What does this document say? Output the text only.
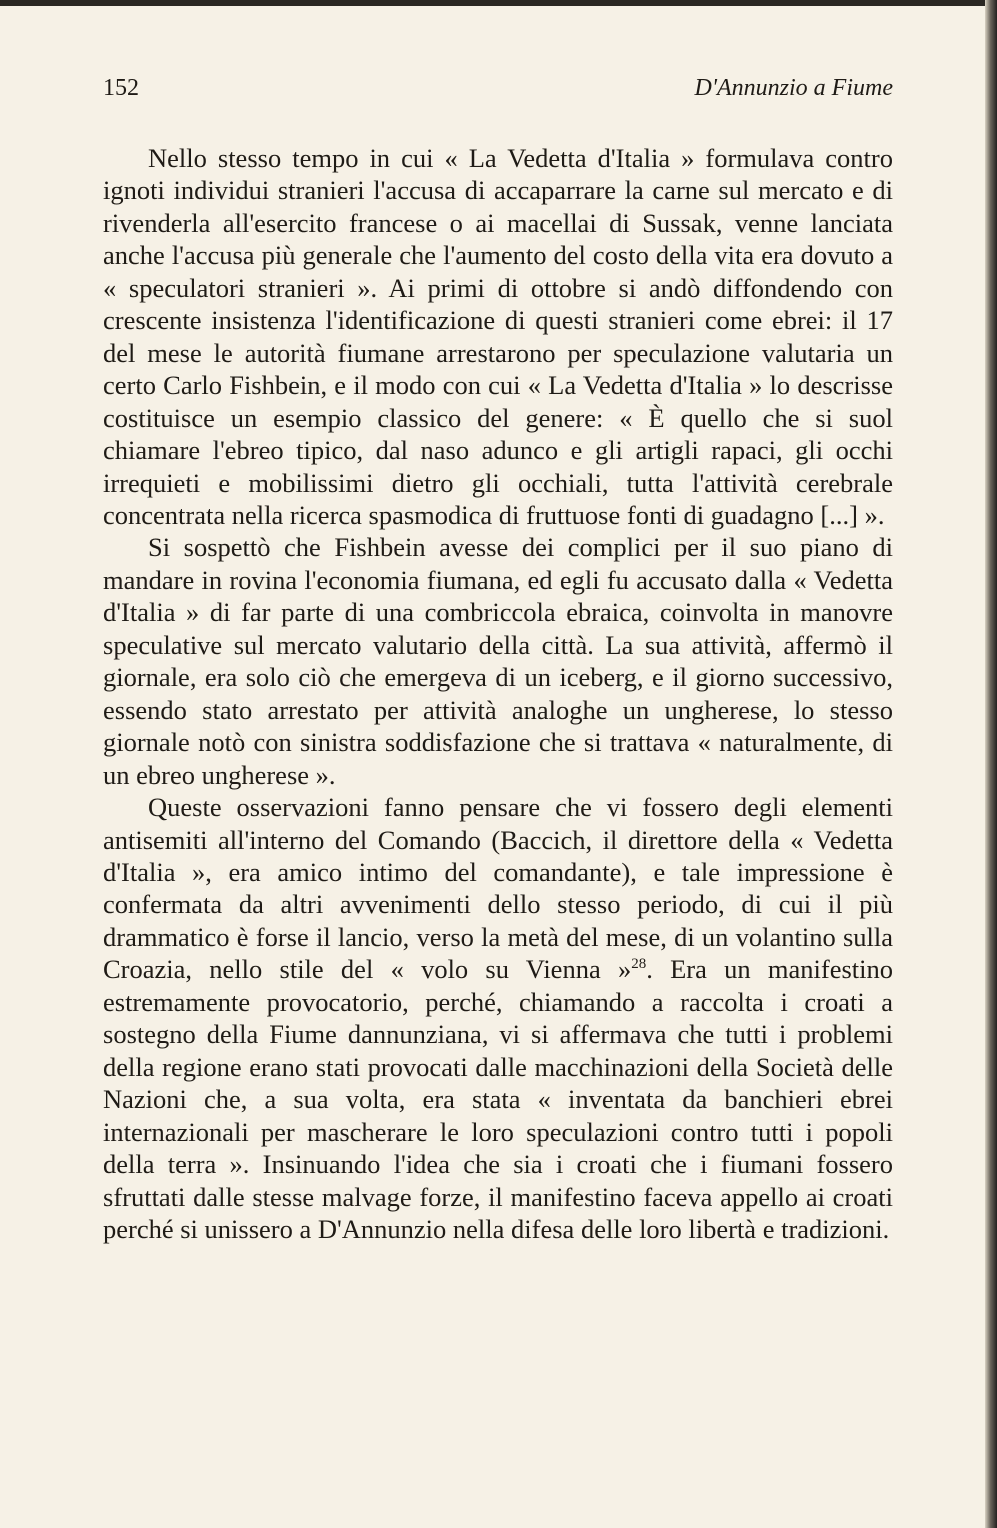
152	D'Annunzio a Fiume

Nello stesso tempo in cui « La Vedetta d'Italia » formulava contro ignoti individui stranieri l'accusa di accaparrare la carne sul mercato e di rivenderla all'esercito francese o ai macellai di Sussak, venne lanciata anche l'accusa più generale che l'aumento del costo della vita era dovuto a « speculatori stranieri ». Ai primi di ottobre si andò diffondendo con crescente insistenza l'identificazione di questi stranieri come ebrei: il 17 del mese le autorità fiumane arrestarono per speculazione valutaria un certo Carlo Fishbein, e il modo con cui « La Vedetta d'Italia » lo descrisse costituisce un esempio classico del genere: « È quello che si suol chiamare l'ebreo tipico, dal naso adunco e gli artigli rapaci, gli occhi irrequieti e mobilissimi dietro gli occhiali, tutta l'attività cerebrale concentrata nella ricerca spasmodica di fruttuose fonti di guadagno [...] ».

Si sospettò che Fishbein avesse dei complici per il suo piano di mandare in rovina l'economia fiumana, ed egli fu accusato dalla « Vedetta d'Italia » di far parte di una combriccola ebraica, coinvolta in manovre speculative sul mercato valutario della città. La sua attività, affermò il giornale, era solo ciò che emergeva di un iceberg, e il giorno successivo, essendo stato arrestato per attività analoghe un ungherese, lo stesso giornale notò con sinistra soddisfazione che si trattava « naturalmente, di un ebreo ungherese ».

Queste osservazioni fanno pensare che vi fossero degli elementi antisemiti all'interno del Comando (Baccich, il direttore della « Vedetta d'Italia », era amico intimo del comandante), e tale impressione è confermata da altri avvenimenti dello stesso periodo, di cui il più drammatico è forse il lancio, verso la metà del mese, di un volantino sulla Croazia, nello stile del « volo su Vienna »$^{28}$. Era un manifestino estremamente provocatorio, perché, chiamando a raccolta i croati a sostegno della Fiume dannunziana, vi si affermava che tutti i problemi della regione erano stati provocati dalle macchinazioni della Società delle Nazioni che, a sua volta, era stata « inventata da banchieri ebrei internazionali per mascherare le loro speculazioni contro tutti i popoli della terra ». Insinuando l'idea che sia i croati che i fiumani fossero sfruttati dalle stesse malvage forze, il manifestino faceva appello ai croati perché si unissero a D'Annunzio nella difesa delle loro libertà e tradizioni.
